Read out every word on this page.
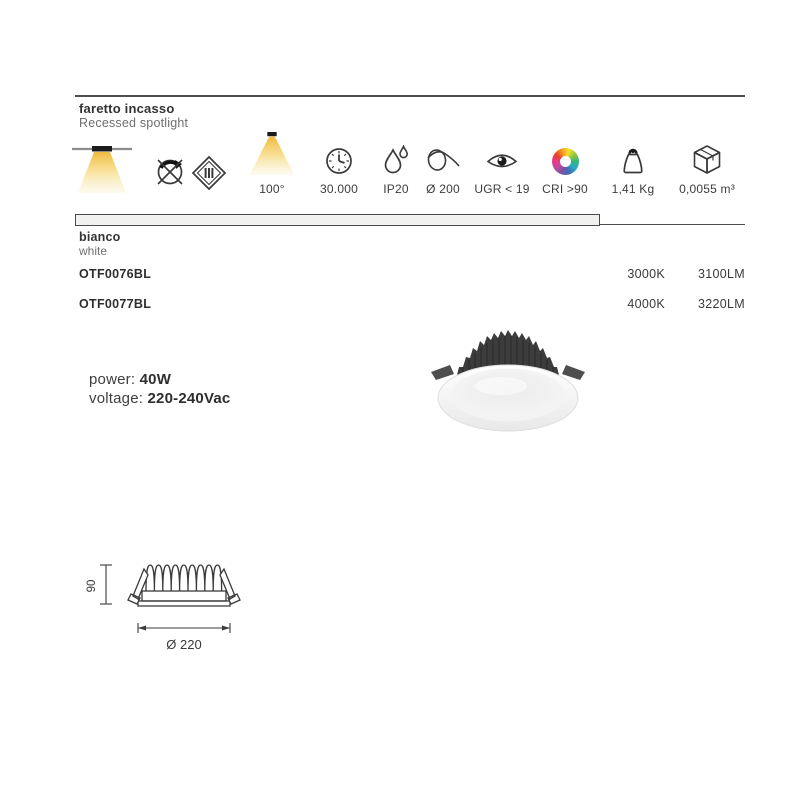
faretto incasso
Recessed spotlight
100°	30.000 IP20 Ø 200 UGR < 19 CRI >90 1,41 Kg 0,0055 m³
bianco
white
OTF0076BL	3000K	3100LM
OTF0077BL	4000K	3220LM
power: 40W
voltage: 220-240Vac
90
Ø 220
